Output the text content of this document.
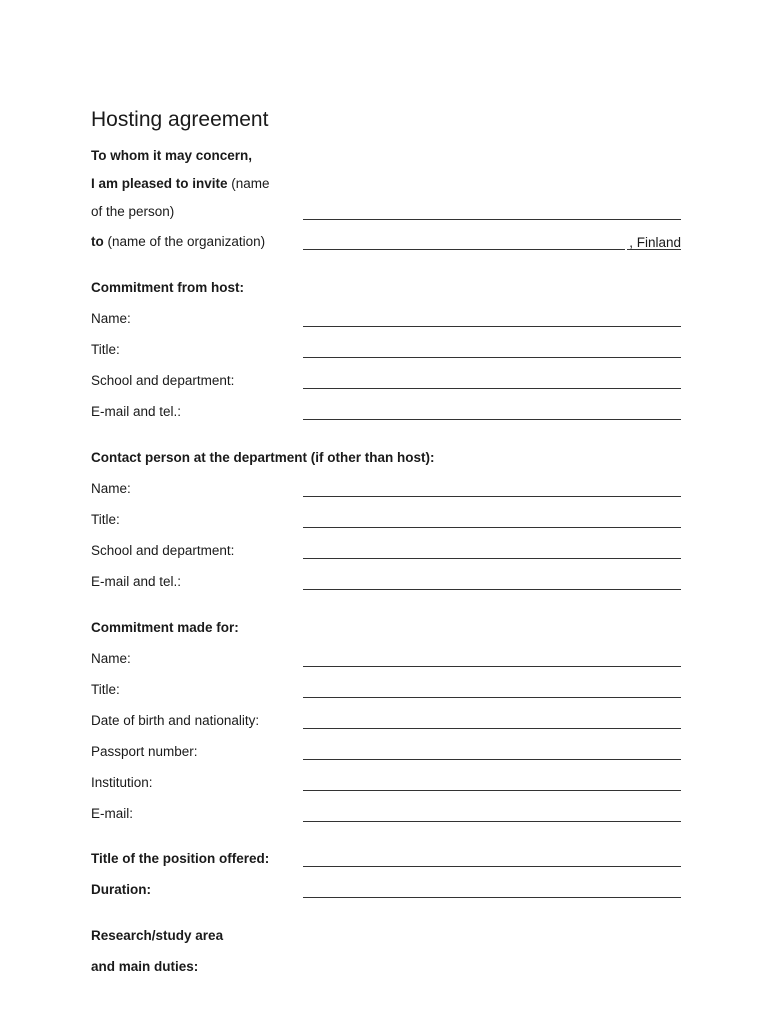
Hosting agreement
To whom it may concern,
I am pleased to invite (name
of the person)
to (name of the organization)	, Finland
Commitment from host:
Name:
Title:
School and department:
E-mail and tel.:
Contact person at the department (if other than host):
Name:
Title:
School and department:
E-mail and tel.:
Commitment made for:
Name:
Title:
Date of birth and nationality:
Passport number:
Institution:
E-mail:
Title of the position offered:
Duration:
Research/study area
and main duties:
